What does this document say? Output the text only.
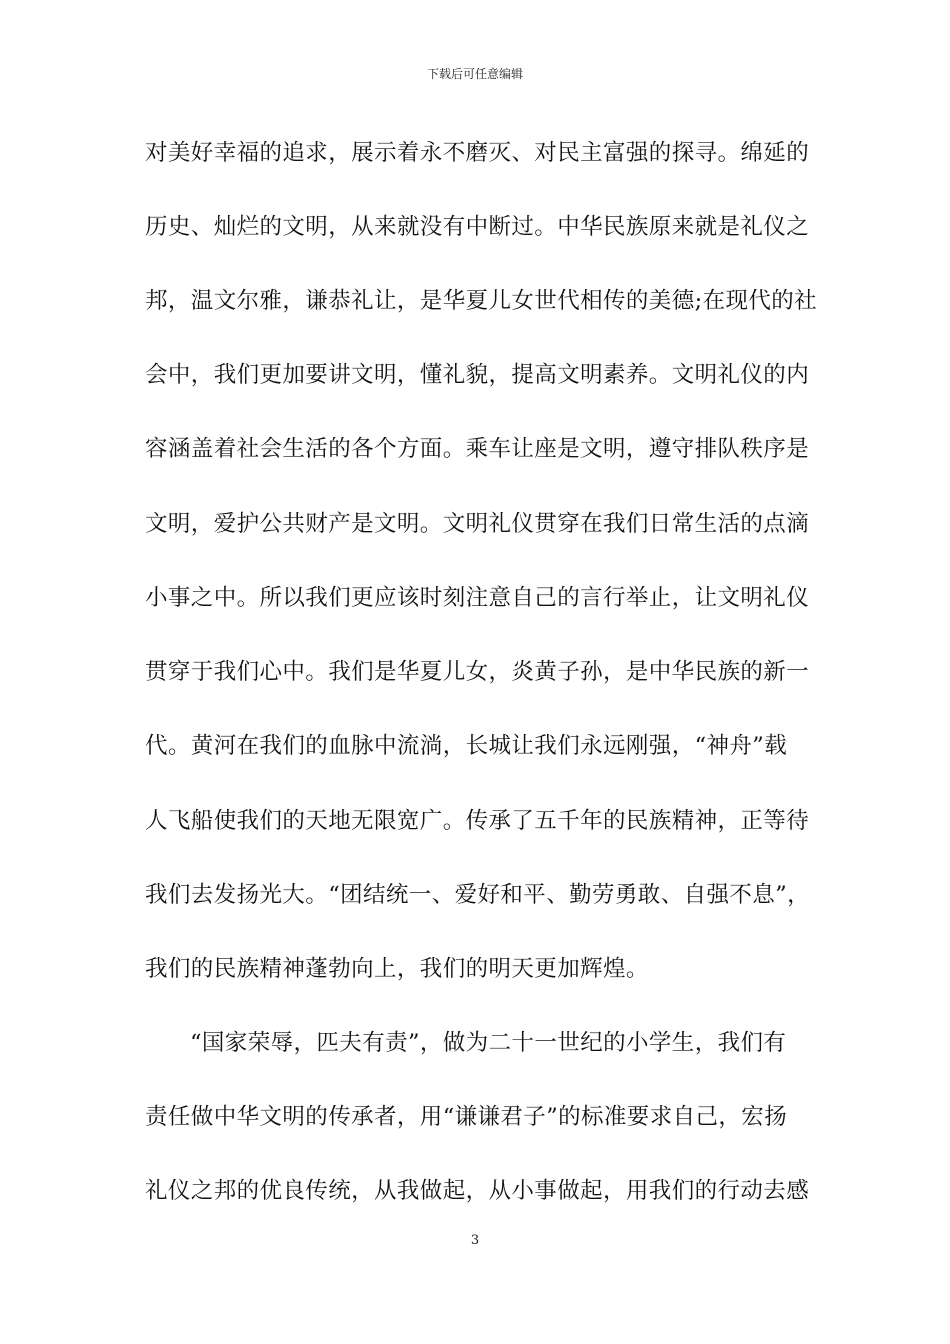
下载后可任意编辑
对美好幸福的追求，展示着永不磨灭、对民主富强的探寻。绵延的
历史、灿烂的文明，从来就没有中断过。中华民族原来就是礼仪之
邦，温文尔雅，谦恭礼让，是华夏儿女世代相传的美德;在现代的社
会中，我们更加要讲文明，懂礼貌，提高文明素养。文明礼仪的内
容涵盖着社会生活的各个方面。乘车让座是文明，遵守排队秩序是
文明，爱护公共财产是文明。文明礼仪贯穿在我们日常生活的点滴
小事之中。所以我们更应该时刻注意自己的言行举止，让文明礼仪
贯穿于我们心中。我们是华夏儿女，炎黄子孙，是中华民族的新一
代。黄河在我们的血脉中流淌，长城让我们永远刚强，“神舟”载
人飞船使我们的天地无限宽广。传承了五千年的民族精神，正等待
我们去发扬光大。“团结统一、爱好和平、勤劳勇敢、自强不息”，
我们的民族精神蓬勃向上，我们的明天更加辉煌。
“国家荣辱，匹夫有责”，做为二十一世纪的小学生，我们有
责任做中华文明的传承者，用“谦谦君子”的标准要求自己，宏扬
礼仪之邦的优良传统，从我做起，从小事做起，用我们的行动去感
3
